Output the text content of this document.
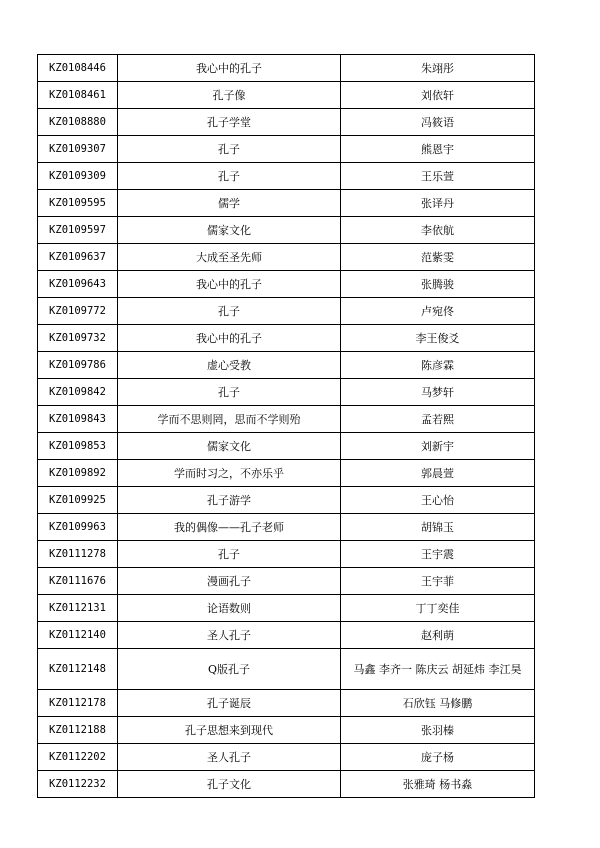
KZ0108446	我心中的孔子	朱翊彤
KZ0108461	孔子像	刘依轩
KZ0108880	孔子学堂	冯筱语
KZ0109307	孔子	熊恩宇
KZ0109309	孔子	王乐萱
KZ0109595	儒学	张译丹
KZ0109597	儒家文化	李依航
KZ0109637	大成至圣先师	范紫雯
KZ0109643	我心中的孔子	张腾骏
KZ0109772	孔子	卢宛佟
KZ0109732	我心中的孔子	李王俊爻
KZ0109786	虚心受教	陈彦霖
KZ0109842	孔子	马梦轩
KZ0109843	学而不思则罔，思而不学则殆	孟若熙
KZ0109853	儒家文化	刘新宇
KZ0109892	学而时习之，不亦乐乎	郭晨萱
KZ0109925	孔子游学	王心怡
KZ0109963	我的偶像——孔子老师	胡锦玉
KZ0111278	孔子	王宇震
KZ0111676	漫画孔子	王宇菲
KZ0112131	论语数则	丁丁奕佳
KZ0112140	圣人孔子	赵利萌
KZ0112148	Q版孔子	马鑫 李齐一 陈庆云 胡延炜 李江昊
KZ0112178	孔子诞辰	石欣钰 马修鹏
KZ0112188	孔子思想来到现代	张羽榛
KZ0112202	圣人孔子	庞子杨
KZ0112232	孔子文化	张雅琦 杨书淼
